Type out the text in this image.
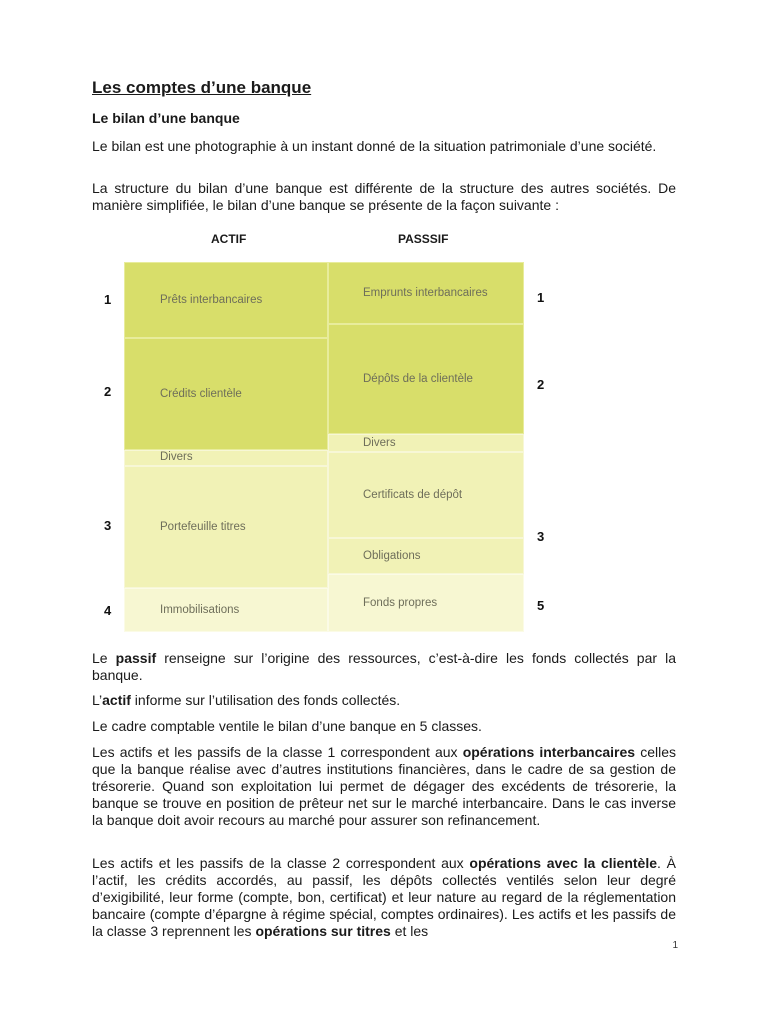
Les comptes d’une banque
Le bilan d’une banque

Le bilan est une photographie à un instant donné de la situation patrimoniale d’une société.

La structure du bilan d’une banque est différente de la structure des autres sociétés. De manière simplifiée, le bilan d’une banque se présente de la façon suivante :

ACTIF	PASSSIF
Prêts interbancaires
Crédits clientèle
Divers
Portefeuille titres
Immobilisations
Emprunts interbancaires
Dépôts de la clientèle
Divers
Certificats de dépôt
Obligations
Fonds propres
1
2
3
4
1
2
3
5

Le passif renseigne sur l’origine des ressources, c’est-à-dire les fonds collectés par la banque.

L’actif informe sur l’utilisation des fonds collectés.

Le cadre comptable ventile le bilan d’une banque en 5 classes.

Les actifs et les passifs de la classe 1 correspondent aux opérations interbancaires celles que la banque réalise avec d’autres institutions financières, dans le cadre de sa gestion de trésorerie. Quand son exploitation lui permet de dégager des excédents de trésorerie, la banque se trouve en position de prêteur net sur le marché interbancaire. Dans le cas inverse la banque doit avoir recours au marché pour assurer son refinancement.

Les actifs et les passifs de la classe 2 correspondent aux opérations avec la clientèle. À l’actif, les crédits accordés, au passif, les dépôts collectés ventilés selon leur degré d’exigibilité, leur forme (compte, bon, certificat) et leur nature au regard de la réglementation bancaire (compte d’épargne à régime spécial, comptes ordinaires). Les actifs et les passifs de la classe 3 reprennent les opérations sur titres et les

1
